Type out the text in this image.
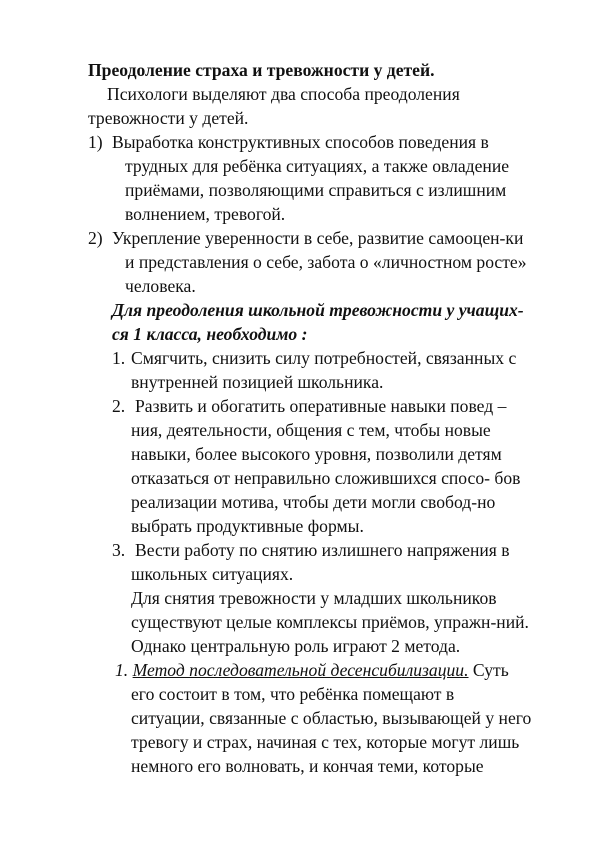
Преодоление страха и тревожности у детей.
Психологи выделяют два способа преодоления
тревожности у детей.
1) Выработка конструктивных способов поведения в
трудных для ребёнка ситуациях, а также овладение
приёмами, позволяющими справиться с излишним
волнением, тревогой.
2) Укрепление уверенности в себе, развитие самооцен-ки
и представления о себе, забота о «личностном росте»
человека.
Для преодоления школьной тревожности у учащих-
ся 1 класса, необходимо :
1. Смягчить, снизить силу потребностей, связанных с
внутренней позицией школьника.
2. Развить и обогатить оперативные навыки повед –
ния, деятельности, общения с тем, чтобы новые
навыки, более высокого уровня, позволили детям
отказаться от неправильно сложившихся спосо- бов
реализации мотива, чтобы дети могли свобод-но
выбрать продуктивные формы.
3. Вести работу по снятию излишнего напряжения в
школьных ситуациях.
Для снятия тревожности у младших школьников
существуют целые комплексы приёмов, упражн-ний.
Однако центральную роль играют 2 метода.
1. Метод последовательной десенсибилизации. Суть
его состоит в том, что ребёнка помещают в
ситуации, связанные с областью, вызывающей у него
тревогу и страх, начиная с тех, которые могут лишь
немного его волновать, и кончая теми, которые
